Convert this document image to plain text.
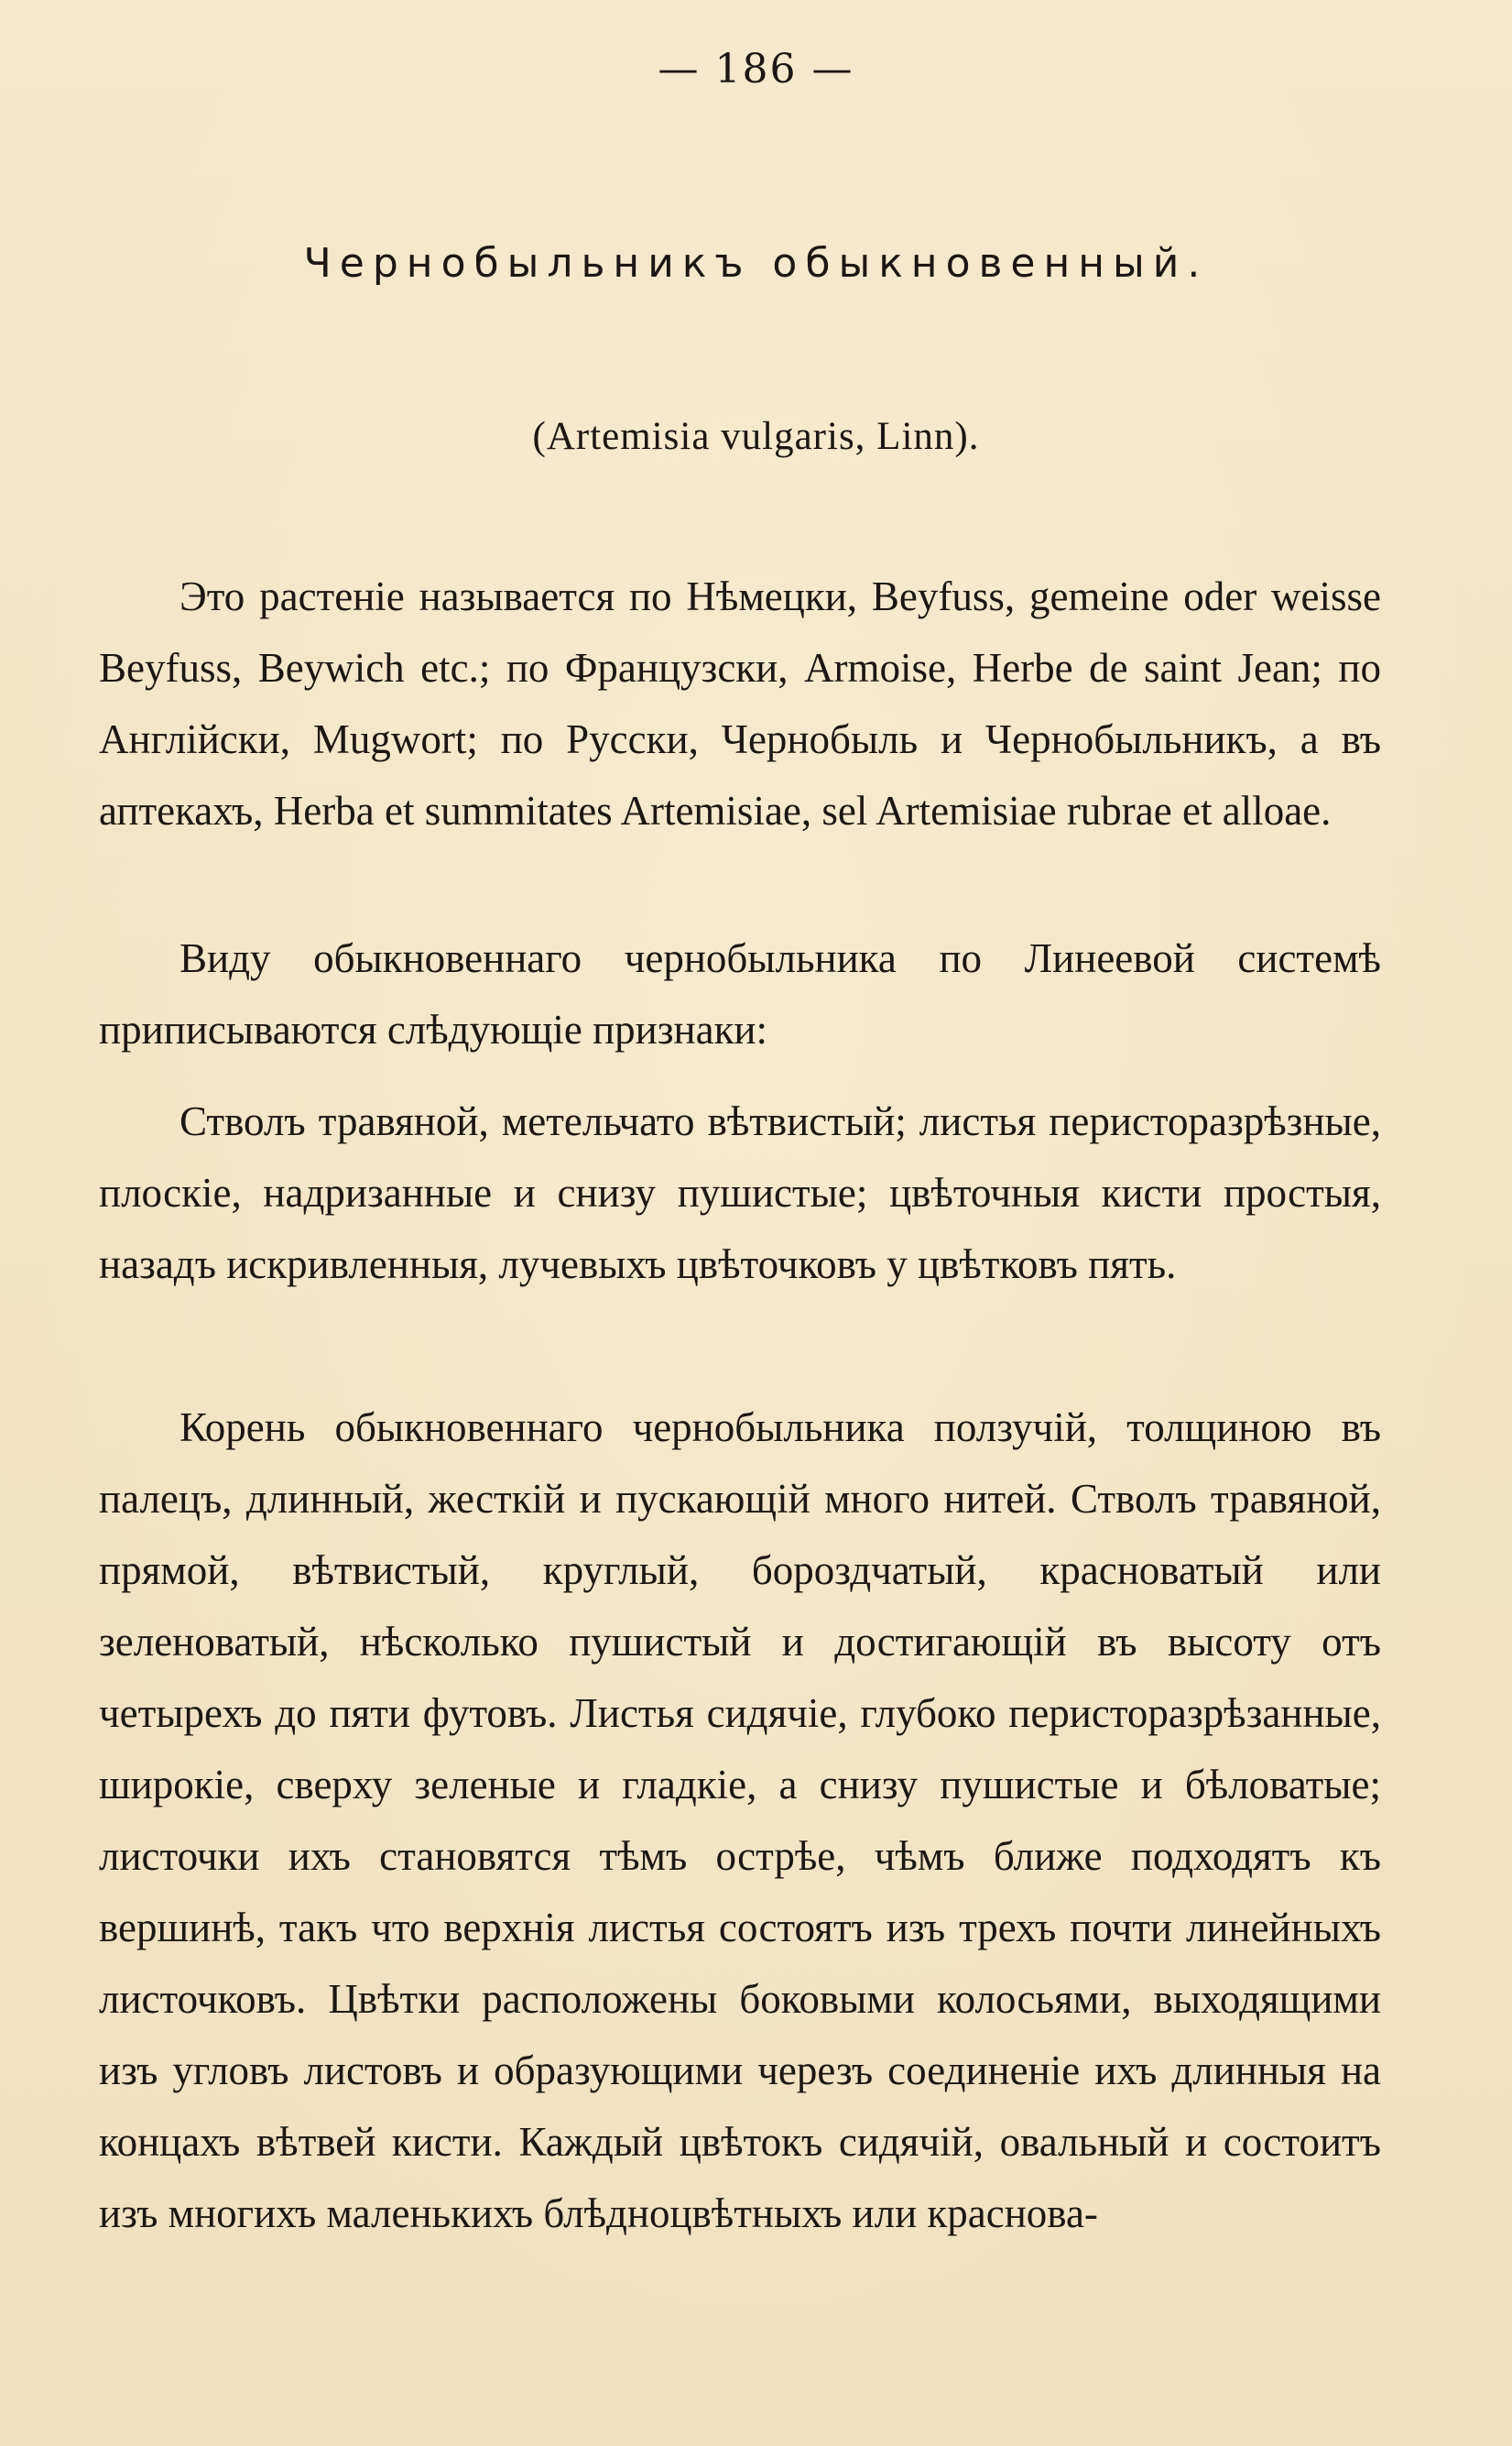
— 186 —
Чернобыльникъ обыкновенный.
(Artemisia vulgaris, Linn).
Это растеніе называется по Нѣмецки, Beyfuss, gemeine oder weisse Beyfuss, Beywich etc.; по Французски, Armoise, Herbe de saint Jean; по Англійски, Mugwort; по Русски, Чернобыль и Чернобыльникъ, а въ аптекахъ, Herba et summitates Artemisiae, sel Artemisiae rubrae et alloae.
Виду обыкновеннаго чернобыльника по Линеевой системѣ приписываются слѣдующіе признаки:
Стволъ травяной, метельчато вѣтвистый; листья перисторазрѣзные, плоскіе, надризанные и снизу пушистые; цвѣточныя кисти простыя, назадъ искривленныя, лучевыхъ цвѣточковъ у цвѣтковъ пять.
Корень обыкновеннаго чернобыльника ползучій, толщиною въ палецъ, длинный, жесткій и пускающій много нитей. Стволъ травяной, прямой, вѣтвистый, круглый, бороздчатый, красноватый или зеленоватый, нѣсколько пушистый и достигающій въ высоту отъ четырехъ до пяти футовъ. Листья сидячіе, глубоко перисторазрѣзанные, широкіе, сверху зеленые и гладкіе, а снизу пушистые и бѣловатые; листочки ихъ становятся тѣмъ острѣе, чѣмъ ближе подходятъ къ вершинѣ, такъ что верхнія листья состоятъ изъ трехъ почти линейныхъ листочковъ. Цвѣтки расположены боковыми колосьями, выходящими изъ угловъ листовъ и образующими черезъ соединеніе ихъ длинныя на концахъ вѣтвей кисти. Каждый цвѣтокъ сидячій, овальный и состоитъ изъ многихъ маленькихъ блѣдноцвѣтныхъ или краснова-
